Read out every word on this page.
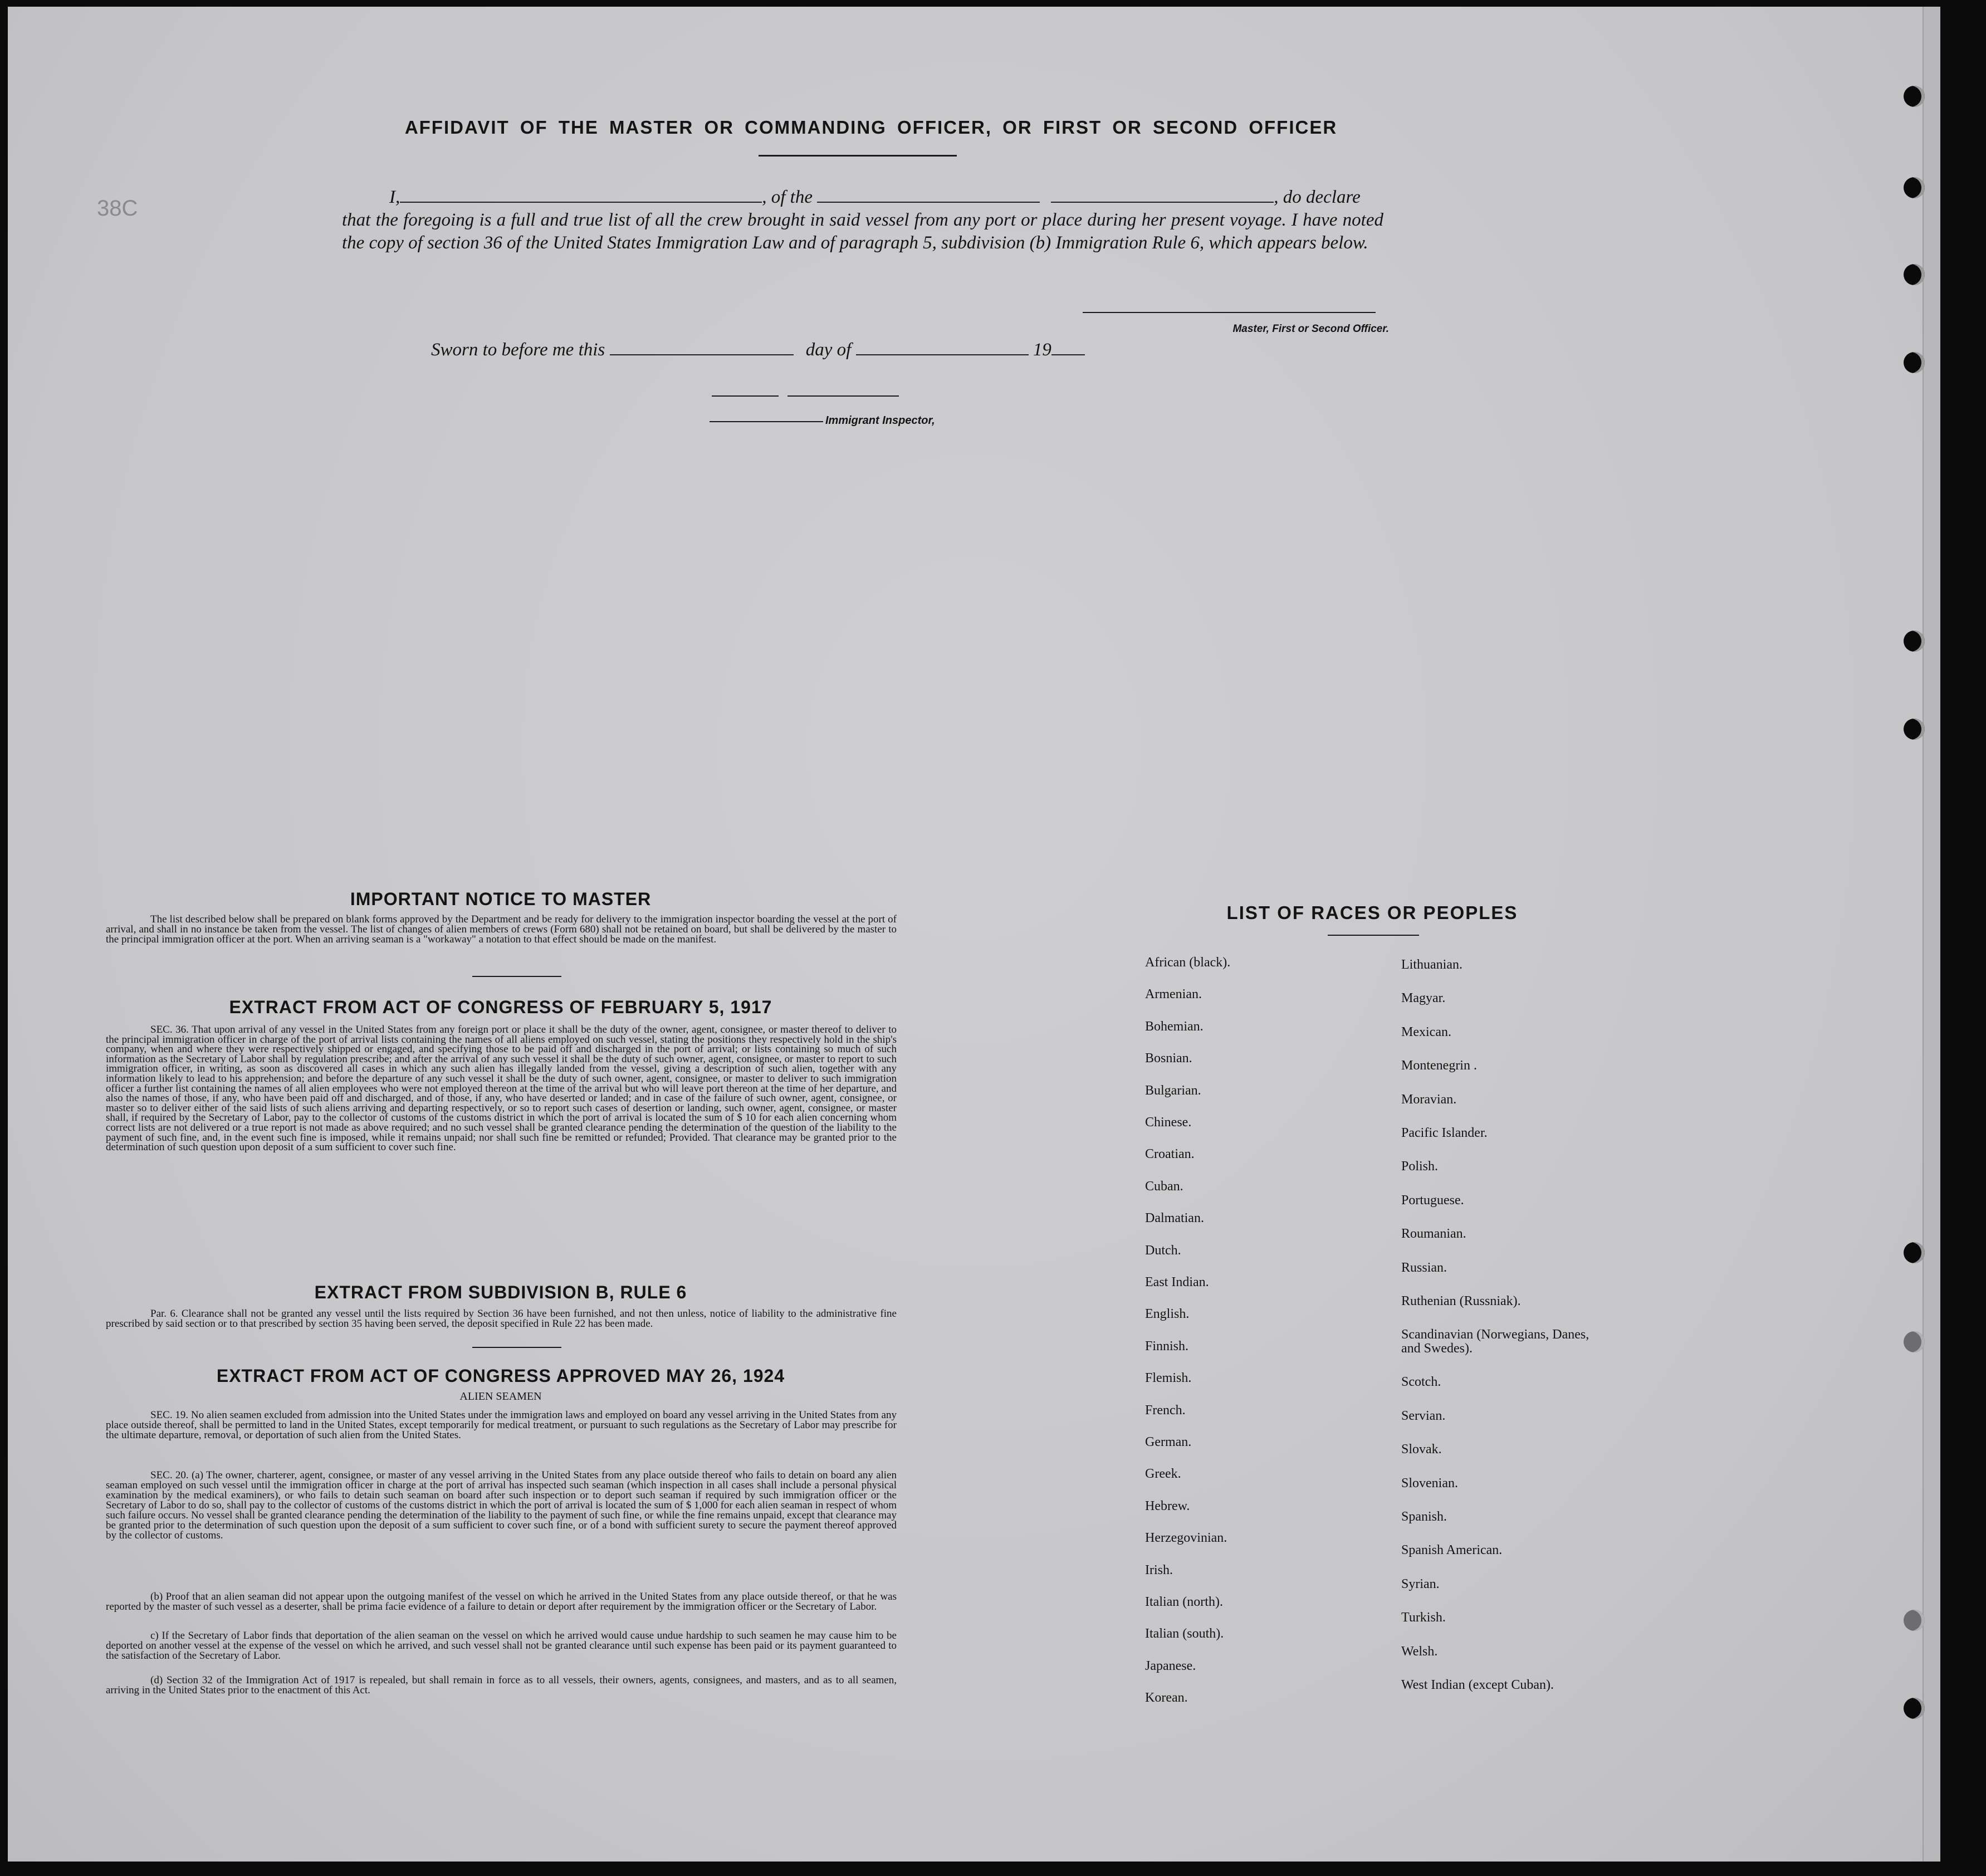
38C
AFFIDAVIT OF THE MASTER OR COMMANDING OFFICER, OR FIRST OR SECOND OFFICER
I,	, of the	, do declare
that the foregoing is a full and true list of all the crew brought in said vessel from any port or place during her present voyage. I have noted the copy of section 36 of the United States Immigration Law and of paragraph 5, subdivision (b) Immigration Rule 6, which appears below.
Master, First or Second Officer.
Sworn to before me this	day of	19
Immigrant Inspector,
IMPORTANT NOTICE TO MASTER
The list described below shall be prepared on blank forms approved by the Department and be ready for delivery to the immigration inspector boarding the vessel at the port of arrival, and shall in no instance be taken from the vessel. The list of changes of alien members of crews (Form 680) shall not be retained on board, but shall be delivered by the master to the principal immigration officer at the port. When an arriving seaman is a "workaway" a notation to that effect should be made on the manifest.
EXTRACT FROM ACT OF CONGRESS OF FEBRUARY 5, 1917
SEC. 36. That upon arrival of any vessel in the United States from any foreign port or place it shall be the duty of the owner, agent, consignee, or master thereof to deliver to the principal immigration officer in charge of the port of arrival lists containing the names of all aliens employed on such vessel, stating the positions they respectively hold in the ship's company, when and where they were respectively shipped or engaged, and specifying those to be paid off and discharged in the port of arrival; or lists containing so much of such information as the Secretary of Labor shall by regulation prescribe; and after the arrival of any such vessel it shall be the duty of such owner, agent, consignee, or master to report to such immigration officer, in writing, as soon as discovered all cases in which any such alien has illegally landed from the vessel, giving a description of such alien, together with any information likely to lead to his apprehension; and before the departure of any such vessel it shall be the duty of such owner, agent, consignee, or master to deliver to such immigration officer a further list containing the names of all alien employees who were not employed thereon at the time of the arrival but who will leave port thereon at the time of her departure, and also the names of those, if any, who have been paid off and discharged, and of those, if any, who have deserted or landed; and in case of the failure of such owner, agent, consignee, or master so to deliver either of the said lists of such aliens arriving and departing respectively, or so to report such cases of desertion or landing, such owner, agent, consignee, or master shall, if required by the Secretary of Labor, pay to the collector of customs of the customs district in which the port of arrival is located the sum of $ 10 for each alien concerning whom correct lists are not delivered or a true report is not made as above required; and no such vessel shall be granted clearance pending the determination of the question of the liability to the payment of such fine, and, in the event such fine is imposed, while it remains unpaid; nor shall such fine be remitted or refunded; Provided. That clearance may be granted prior to the determination of such question upon deposit of a sum sufficient to cover such fine.
EXTRACT FROM SUBDIVISION B, RULE 6
Par. 6. Clearance shall not be granted any vessel until the lists required by Section 36 have been furnished, and not then unless, notice of liability to the administrative fine prescribed by said section or to that prescribed by section 35 having been served, the deposit specified in Rule 22 has been made.
EXTRACT FROM ACT OF CONGRESS APPROVED MAY 26, 1924
ALIEN SEAMEN
SEC. 19. No alien seamen excluded from admission into the United States under the immigration laws and employed on board any vessel arriving in the United States from any place outside thereof, shall be permitted to land in the United States, except temporarily for medical treatment, or pursuant to such regulations as the Secretary of Labor may prescribe for the ultimate departure, removal, or deportation of such alien from the United States.
SEC. 20. (a) The owner, charterer, agent, consignee, or master of any vessel arriving in the United States from any place outside thereof who fails to detain on board any alien seaman employed on such vessel until the immigration officer in charge at the port of arrival has inspected such seaman (which inspection in all cases shall include a personal physical examination by the medical examiners), or who fails to detain such seaman on board after such inspection or to deport such seaman if required by such immigration officer or the Secretary of Labor to do so, shall pay to the collector of customs of the customs district in which the port of arrival is located the sum of $ 1,000 for each alien seaman in respect of whom such failure occurs. No vessel shall be granted clearance pending the determination of the liability to the payment of such fine, or while the fine remains unpaid, except that clearance may be granted prior to the determination of such question upon the deposit of a sum sufficient to cover such fine, or of a bond with sufficient surety to secure the payment thereof approved by the collector of customs.
(b) Proof that an alien seaman did not appear upon the outgoing manifest of the vessel on which he arrived in the United States from any place outside thereof, or that he was reported by the master of such vessel as a deserter, shall be prima facie evidence of a failure to detain or deport after requirement by the immigration officer or the Secretary of Labor.
c) If the Secretary of Labor finds that deportation of the alien seaman on the vessel on which he arrived would cause undue hardship to such seamen he may cause him to be deported on another vessel at the expense of the vessel on which he arrived, and such vessel shall not be granted clearance until such expense has been paid or its payment guaranteed to the satisfaction of the Secretary of Labor.
(d) Section 32 of the Immigration Act of 1917 is repealed, but shall remain in force as to all vessels, their owners, agents, consignees, and masters, and as to all seamen, arriving in the United States prior to the enactment of this Act.
LIST OF RACES OR PEOPLES
African (black).
Armenian.
Bohemian.
Bosnian.
Bulgarian.
Chinese.
Croatian.
Cuban.
Dalmatian.
Dutch.
East Indian.
English.
Finnish.
Flemish.
French.
German.
Greek.
Hebrew.
Herzegovinian.
Irish.
Italian (north).
Italian (south).
Japanese.
Korean.
Lithuanian.
Magyar.
Mexican.
Montenegrin .
Moravian.
Pacific Islander.
Polish.
Portuguese.
Roumanian.
Russian.
Ruthenian (Russniak).
Scandinavian (Norwegians, Danes, and Swedes).
Scotch.
Servian.
Slovak.
Slovenian.
Spanish.
Spanish American.
Syrian.
Turkish.
Welsh.
West Indian (except Cuban).
